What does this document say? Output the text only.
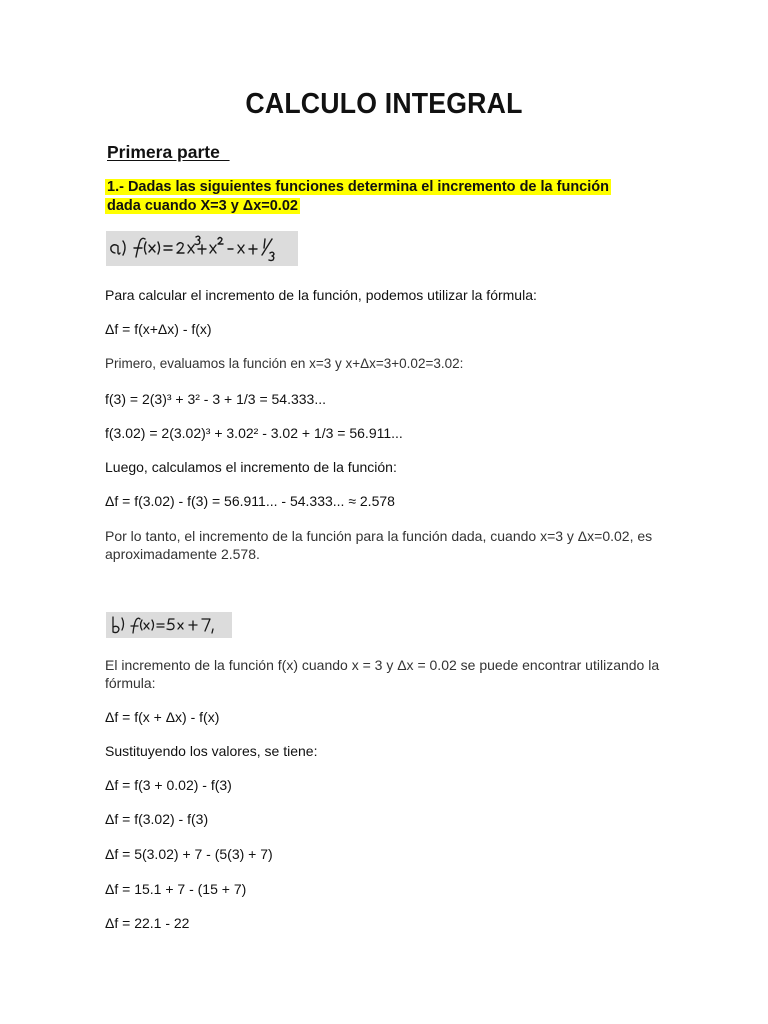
CALCULO INTEGRAL
Primera parte
1.- Dadas las siguientes funciones determina el incremento de la función dada cuando X=3 y Δx=0.02
Para calcular el incremento de la función, podemos utilizar la fórmula:
Δf = f(x+Δx) - f(x)
Primero, evaluamos la función en x=3 y x+Δx=3+0.02=3.02:
f(3) = 2(3)³ + 3² - 3 + 1/3 = 54.333...
f(3.02) = 2(3.02)³ + 3.02² - 3.02 + 1/3 = 56.911...
Luego, calculamos el incremento de la función:
Δf = f(3.02) - f(3) = 56.911... - 54.333... ≈ 2.578
Por lo tanto, el incremento de la función para la función dada, cuando x=3 y Δx=0.02, es aproximadamente 2.578.
El incremento de la función f(x) cuando x = 3 y Δx = 0.02 se puede encontrar utilizando la fórmula:
Δf = f(x + Δx) - f(x)
Sustituyendo los valores, se tiene:
Δf = f(3 + 0.02) - f(3)
Δf = f(3.02) - f(3)
Δf = 5(3.02) + 7 - (5(3) + 7)
Δf = 15.1 + 7 - (15 + 7)
Δf = 22.1 - 22
